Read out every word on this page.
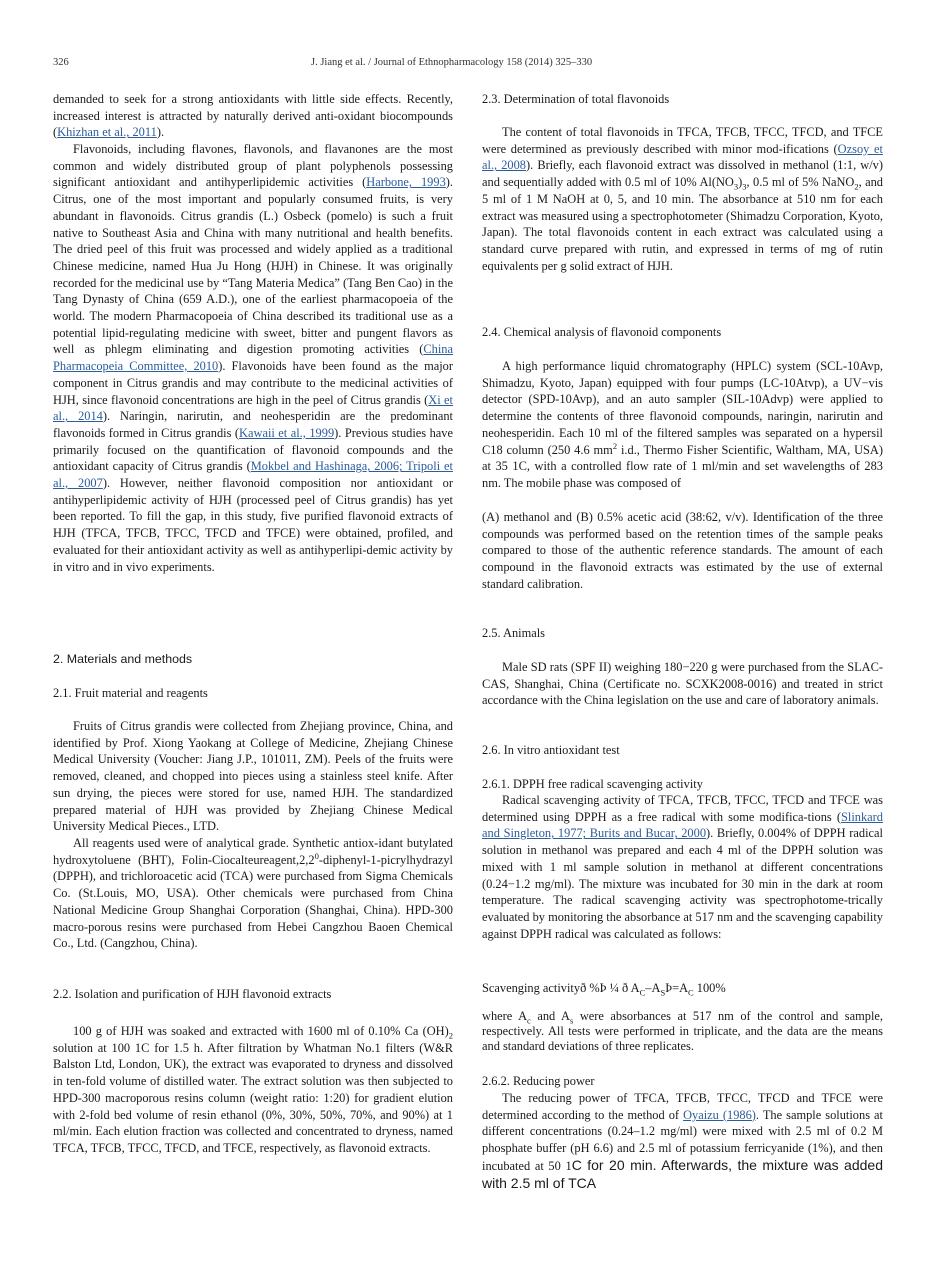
326	J. Jiang et al. / Journal of Ethnopharmacology 158 (2014) 325–330
demanded to seek for a strong antioxidants with little side effects. Recently, increased interest is attracted by naturally derived anti-oxidant biocompounds (Khizhan et al., 2011).
Flavonoids, including flavones, flavonols, and flavanones are the most common and widely distributed group of plant polyphenols possessing significant antioxidant and antihyperlipidemic activities (Harbone, 1993). Citrus, one of the most important and popularly consumed fruits, is very abundant in flavonoids. Citrus grandis (L.) Osbeck (pomelo) is such a fruit native to Southeast Asia and China with many nutritional and health benefits. The dried peel of this fruit was processed and widely applied as a traditional Chinese medicine, named Hua Ju Hong (HJH) in Chinese. It was originally recorded for the medicinal use by “Tang Materia Medica” (Tang Ben Cao) in the Tang Dynasty of China (659 A.D.), one of the earliest pharmacopoeia of the world. The modern Pharmacopoeia of China described its traditional use as a potential lipid-regulating medicine with sweet, bitter and pungent flavors as well as phlegm eliminating and digestion promoting activities (China Pharmacopeia Committee, 2010). Flavonoids have been found as the major component in Citrus grandis and may contribute to the medicinal activities of HJH, since flavonoid concentrations are high in the peel of Citrus grandis (Xi et al., 2014). Naringin, narirutin, and neohesperidin are the predominant flavonoids formed in Citrus grandis (Kawaii et al., 1999). Previous studies have primarily focused on the quantification of flavonoid compounds and the antioxidant capacity of Citrus grandis (Mokbel and Hashinaga, 2006; Tripoli et al., 2007). However, neither flavonoid composition nor antioxidant or antihyperlipidemic activity of HJH (processed peel of Citrus grandis) has yet been reported. To fill the gap, in this study, five purified flavonoid extracts of HJH (TFCA, TFCB, TFCC, TFCD and TFCE) were obtained, profiled, and evaluated for their antioxidant activity as well as antihyperlipi-demic activity by in vitro and in vivo experiments.
2. Materials and methods
2.1. Fruit material and reagents
Fruits of Citrus grandis were collected from Zhejiang province, China, and identified by Prof. Xiong Yaokang at College of Medicine, Zhejiang Chinese Medical University (Voucher: Jiang J.P., 101011, ZM). Peels of the fruits were removed, cleaned, and chopped into pieces using a stainless steel knife. After sun drying, the pieces were stored for use, named HJH. The standardized prepared material of HJH was provided by Zhejiang Chinese Medical University Medical Pieces., LTD.
All reagents used were of analytical grade. Synthetic antiox-idant butylated hydroxytoluene (BHT), Folin-Ciocalteureagent,2,2$^0$-diphenyl-1-picrylhydrazyl (DPPH), and trichloroacetic acid (TCA) were purchased from Sigma Chemicals Co. (St.Louis, MO, USA). Other chemicals were purchased from China National Medicine Group Shanghai Corporation (Shanghai, China). HPD-300 macro-porous resins were purchased from Hebei Cangzhou Baoen Chemical Co., Ltd. (Cangzhou, China).
2.2. Isolation and purification of HJH flavonoid extracts
100 g of HJH was soaked and extracted with 1600 ml of 0.10% Ca $(OH)_2$ solution at 100 1C for 1.5 h. After filtration by Whatman No.1 filters (W&R Balston Ltd, London, UK), the extract was evaporated to dryness and dissolved in ten-fold volume of distilled water. The extract solution was then subjected to HPD-300 macroporous resins column (weight ratio: 1:20) for gradient elution with 2-fold bed volume of resin ethanol (0%, 30%, 50%, 70%, and 90%) at 1 ml/min. Each elution fraction was collected and concentrated to dryness, named TFCA, TFCB, TFCC, TFCD, and TFCE, respectively, as flavonoid extracts.
2.3. Determination of total flavonoids
The content of total flavonoids in TFCA, TFCB, TFCC, TFCD, and TFCE were determined as previously described with minor mod-ifications (Ozsoy et al., 2008). Briefly, each flavonoid extract was dissolved in methanol (1:1, w/v) and sequentially added with 0.5 ml of 10% $Al(NO_3)_3$, 0.5 ml of 5% NaNO$_2$, and 5 ml of 1 M NaOH at 0, 5, and 10 min. The absorbance at 510 nm for each extract was measured using a spectrophotometer (Shimadzu Corporation, Kyoto, Japan). The total flavonoids content in each extract was calculated using a standard curve prepared with rutin, and expressed in terms of mg of rutin equivalents per g solid extract of HJH.
2.4. Chemical analysis of flavonoid components
A high performance liquid chromatography (HPLC) system (SCL-10Avp, Shimadzu, Kyoto, Japan) equipped with four pumps (LC-10Atvp), a UV−vis detector (SPD-10Avp), and an auto sampler (SIL-10Advp) were applied to determine the contents of three flavonoid compounds, naringin, narirutin and neohesperidin. Each 10 ml of the filtered samples was separated on a hypersil C18 column (250 4.6 $mm^2$ i.d., Thermo Fisher Scientific, Waltham, MA, USA) at 35 1C, with a controlled flow rate of 1 ml/min and set wavelengths of 283 nm. The mobile phase was composed of
(A) methanol and (B) 0.5% acetic acid (38:62, v/v). Identification of the three compounds was performed based on the retention times of the sample peaks compared to those of the authentic reference standards. The amount of each compound in the flavonoid extracts was estimated by the use of external standard calibration.
2.5. Animals
Male SD rats (SPF II) weighing 180−220 g were purchased from the SLAC-CAS, Shanghai, China (Certificate no. SCXK2008-0016) and treated in strict accordance with the China legislation on the use and care of laboratory animals.
2.6. In vitro antioxidant test
2.6.1. DPPH free radical scavenging activity
Radical scavenging activity of TFCA, TFCB, TFCC, TFCD and TFCE was determined using DPPH as a free radical with some modifica-tions (Slinkard and Singleton, 1977; Burits and Bucar, 2000). Briefly, 0.004% of DPPH radical solution in methanol was prepared and each 4 ml of the DPPH solution was mixed with 1 ml sample solution in methanol at different concentrations (0.24−1.2 mg/ml). The mixture was incubated for 30 min in the dark at room temperature. The radical scavenging activity was spectrophotome-trically evaluated by monitoring the absorbance at 517 nm and the scavenging capability against DPPH radical was calculated as follows:
Scavenging activityð %Þ ¼ ð $A_C-A_SÞ=A_C$ 100%
where $A_c$ and $A_s$ were absorbances at 517 nm of the control and sample, respectively. All tests were performed in triplicate, and the data are the means and standard deviations of three replicates.
2.6.2. Reducing power
The reducing power of TFCA, TFCB, TFCC, TFCD and TFCE were determined according to the method of Oyaizu (1986). The sample solutions at different concentrations (0.24–1.2 mg/ml) were mixed with 2.5 ml of 0.2 M phosphate buffer (pH 6.6) and 2.5 ml of potassium ferricyanide (1%), and then incubated at 50 1C for 20 min. Afterwards, the mixture was added with 2.5 ml of TCA
